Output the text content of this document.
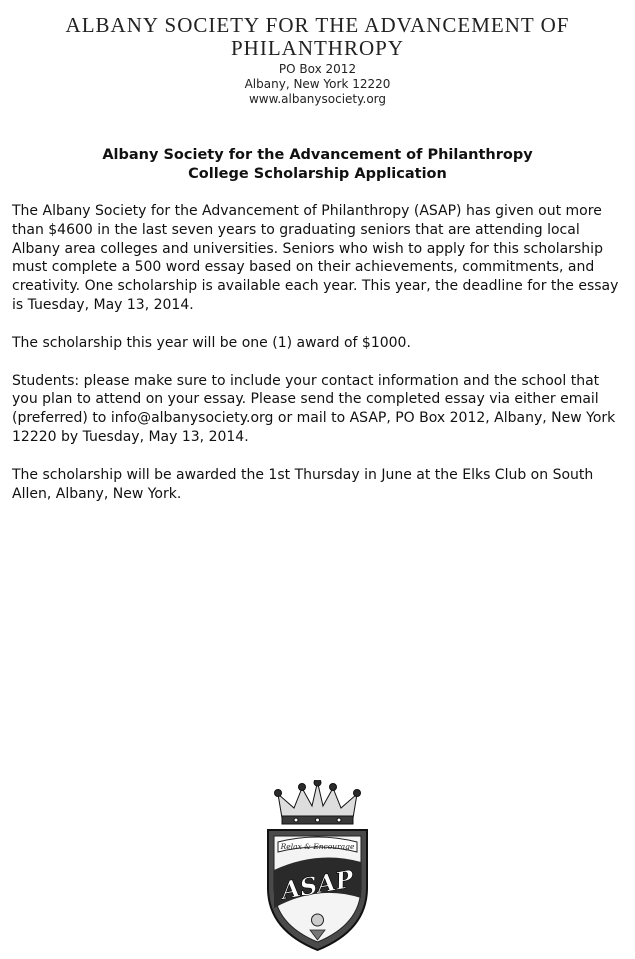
ALBANY SOCIETY FOR THE ADVANCEMENT OF PHILANTHROPY
PO Box 2012
Albany, New York 12220
www.albanysociety.org
Albany Society for the Advancement of Philanthropy
College Scholarship Application

The Albany Society for the Advancement of Philanthropy (ASAP) has given out more than $4600 in the last seven years to graduating seniors that are attending local Albany area colleges and universities. Seniors who wish to apply for this scholarship must complete a 500 word essay based on their achievements, commitments, and creativity. One scholarship is available each year. This year, the deadline for the essay is Tuesday, May 13, 2014.

The scholarship this year will be one (1) award of $1000.

Students: please make sure to include your contact information and the school that you plan to attend on your essay. Please send the completed essay via either email (preferred) to info@albanysociety.org or mail to ASAP, PO Box 2012, Albany, New York 12220 by Tuesday, May 13, 2014.

The scholarship will be awarded the 1st Thursday in June at the Elks Club on South Allen, Albany, New York.

Relax & Encourage
ASAP
